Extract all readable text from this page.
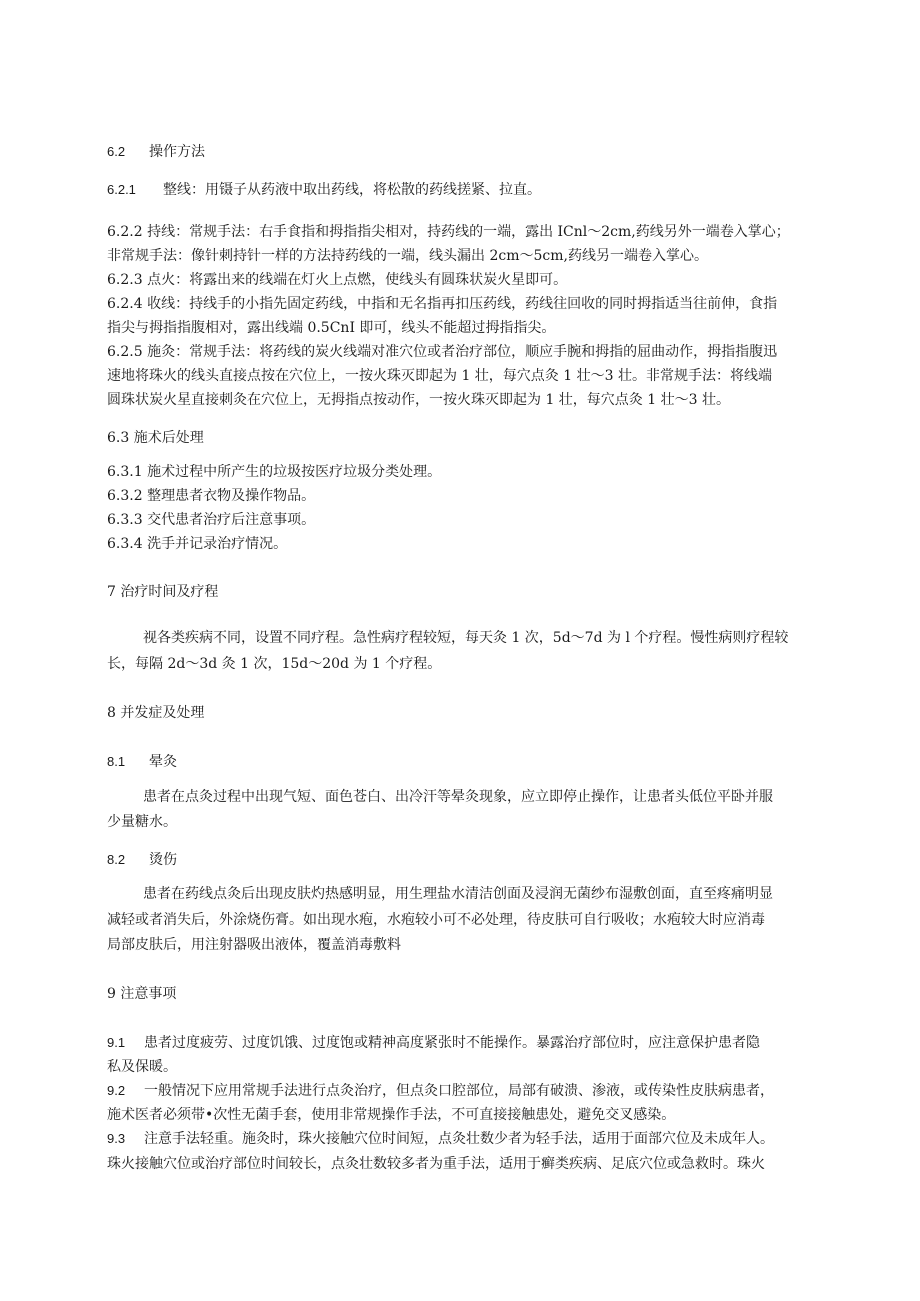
6.2 操作方法
6.2.1 整线：用镊子从药液中取出药线，将松散的药线搓紧、拉直。
6.2.2 持线：常规手法：右手食指和拇指指尖相对，持药线的一端，露出 ICnl～2cm,药线另外一端卷入掌心；
非常规手法：像针刺持针一样的方法持药线的一端，线头漏出 2cm～5cm,药线另一端卷入掌心。
6.2.3 点火：将露出来的线端在灯火上点燃，使线头有圆珠状炭火星即可。
6.2.4 收线：持线手的小指先固定药线，中指和无名指再扣压药线，药线往回收的同时拇指适当往前伸，食指
指尖与拇指指腹相对，露出线端 0.5CnI 即可，线头不能超过拇指指尖。
6.2.5 施灸：常规手法：将药线的炭火线端对准穴位或者治疗部位，顺应手腕和拇指的屈曲动作，拇指指腹迅
速地将珠火的线头直接点按在穴位上，一按火珠灭即起为 1 壮，每穴点灸 1 壮～3 壮。非常规手法：将线端
圆珠状炭火星直接刺灸在穴位上，无拇指点按动作，一按火珠灭即起为 1 壮，每穴点灸 1 壮～3 壮。
6.3 施术后处理
6.3.1 施术过程中所产生的垃圾按医疗垃圾分类处理。
6.3.2 整理患者衣物及操作物品。
6.3.3 交代患者治疗后注意事项。
6.3.4 洗手并记录治疗情况。
7 治疗时间及疗程
视各类疾病不同，设置不同疗程。急性病疗程较短，每天灸 1 次，5d～7d 为 l 个疗程。慢性病则疗程较
长，每隔 2d～3d 灸 1 次，15d～20d 为 1 个疗程。
8 并发症及处理
8.1 晕灸
患者在点灸过程中出现气短、面色苍白、出冷汗等晕灸现象，应立即停止操作，让患者头低位平卧并服
少量糖水。
8.2 烫伤
患者在药线点灸后出现皮肤灼热感明显，用生理盐水清洁创面及浸润无菌纱布湿敷创面，直至疼痛明显
减轻或者消失后，外涂烧伤膏。如出现水疱，水疱较小可不必处理，待皮肤可自行吸收；水疱较大时应消毒
局部皮肤后，用注射器吸出液体，覆盖消毒敷料
9 注意事项
9.1 患者过度疲劳、过度饥饿、过度饱或精神高度紧张时不能操作。暴露治疗部位时，应注意保护患者隐
私及保暖。
9.2 一般情况下应用常规手法进行点灸治疗，但点灸口腔部位，局部有破溃、渗液，或传染性皮肤病患者，
施术医者必须带•次性无菌手套，使用非常规操作手法，不可直接接触患处，避免交叉感染。
9.3 注意手法轻重。施灸时，珠火接触穴位时间短，点灸壮数少者为轻手法，适用于面部穴位及未成年人。
珠火接触穴位或治疗部位时间较长，点灸壮数较多者为重手法，适用于癣类疾病、足底穴位或急救时。珠火
